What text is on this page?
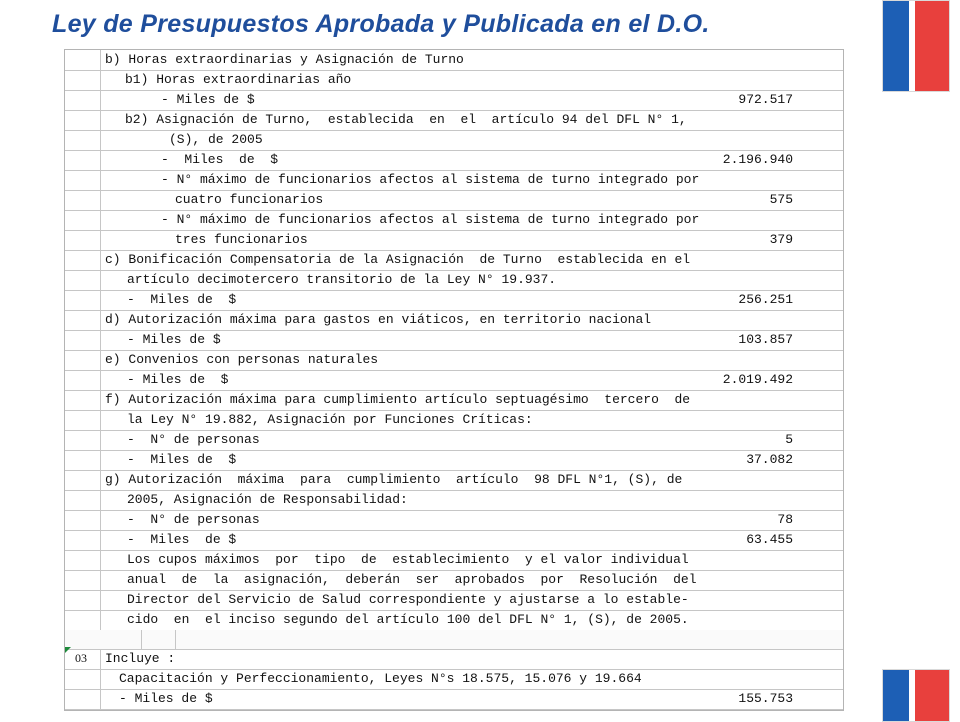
Ley de Presupuestos Aprobada y Publicada en el D.O.
b) Horas extraordinarias y Asignación de Turno
b1) Horas extraordinarias año
- Miles de $	972.517
b2) Asignación de Turno,  establecida  en  el  artículo 94 del DFL N° 1,
(S), de 2005
-  Miles  de  $	2.196.940
- N° máximo de funcionarios afectos al sistema de turno integrado por
cuatro funcionarios	575
- N° máximo de funcionarios afectos al sistema de turno integrado por
tres funcionarios	379
c) Bonificación Compensatoria de la Asignación  de Turno  establecida en el
artículo decimotercero transitorio de la Ley N° 19.937.
-  Miles de  $	256.251
d) Autorización máxima para gastos en viáticos, en territorio nacional
- Miles de $	103.857
e) Convenios con personas naturales
- Miles de  $	2.019.492
f) Autorización máxima para cumplimiento artículo septuagésimo  tercero  de
la Ley N° 19.882, Asignación por Funciones Críticas:
-  N° de personas	5
-  Miles de  $	37.082
g) Autorización  máxima  para  cumplimiento  artículo  98 DFL N°1, (S), de
2005, Asignación de Responsabilidad:
-  N° de personas	78
-  Miles  de $	63.455
Los cupos máximos  por  tipo  de  establecimiento  y el valor individual
anual  de  la  asignación,  deberán  ser  aprobados  por  Resolución  del
Director del Servicio de Salud correspondiente y ajustarse a lo estable-
cido  en  el inciso segundo del artículo 100 del DFL N° 1, (S), de 2005.
03 Incluye :
Capacitación y Perfeccionamiento, Leyes N°s 18.575, 15.076 y 19.664
- Miles de $	155.753
